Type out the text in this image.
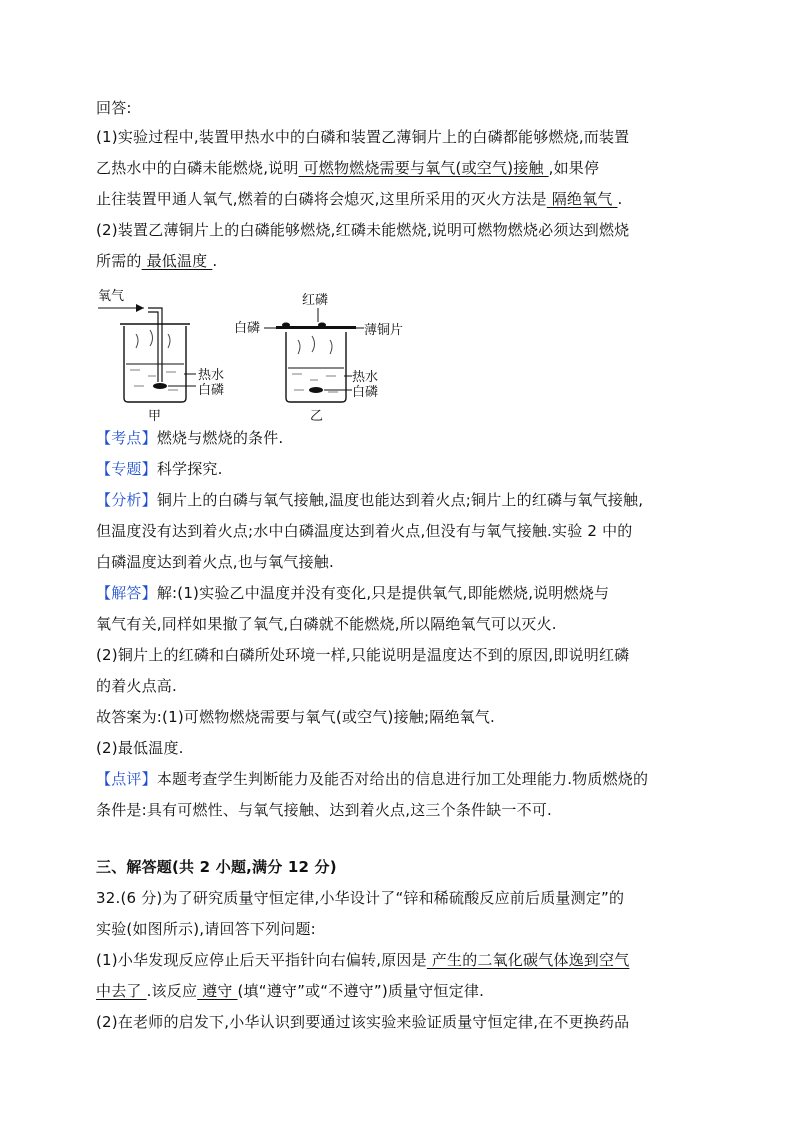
回答:
(1)实验过程中,装置甲热水中的白磷和装置乙薄铜片上的白磷都能够燃烧,而装置
乙热水中的白磷未能燃烧,说明 可燃物燃烧需要与氧气(或空气)接触 ,如果停
止往装置甲通人氧气,燃着的白磷将会熄灭,这里所采用的灭火方法是 隔绝氧气 .
(2)装置乙薄铜片上的白磷能够燃烧,红磷未能燃烧,说明可燃物燃烧必须达到燃烧
所需的 最低温度 .
氧气
热水
白磷
甲
红磷
白磷	薄铜片
热水
白磷
乙
【考点】燃烧与燃烧的条件.
【专题】科学探究.
【分析】铜片上的白磷与氧气接触,温度也能达到着火点;铜片上的红磷与氧气接触,
但温度没有达到着火点;水中白磷温度达到着火点,但没有与氧气接触.实验 2 中的
白磷温度达到着火点,也与氧气接触.
【解答】解:(1)实验乙中温度并没有变化,只是提供氧气,即能燃烧,说明燃烧与
氧气有关,同样如果撤了氧气,白磷就不能燃烧,所以隔绝氧气可以灭火.
(2)铜片上的红磷和白磷所处环境一样,只能说明是温度达不到的原因,即说明红磷
的着火点高.
故答案为:(1)可燃物燃烧需要与氧气(或空气)接触;隔绝氧气.
(2)最低温度.
【点评】本题考查学生判断能力及能否对给出的信息进行加工处理能力.物质燃烧的
条件是:具有可燃性、与氧气接触、达到着火点,这三个条件缺一不可.
三、解答题(共 2 小题,满分 12 分)
32.(6 分)为了研究质量守恒定律,小华设计了“锌和稀硫酸反应前后质量测定”的
实验(如图所示),请回答下列问题:
(1)小华发现反应停止后天平指针向右偏转,原因是 产生的二氧化碳气体逸到空气
中去了 .该反应 遵守 (填“遵守”或“不遵守”)质量守恒定律.
(2)在老师的启发下,小华认识到要通过该实验来验证质量守恒定律,在不更换药品
